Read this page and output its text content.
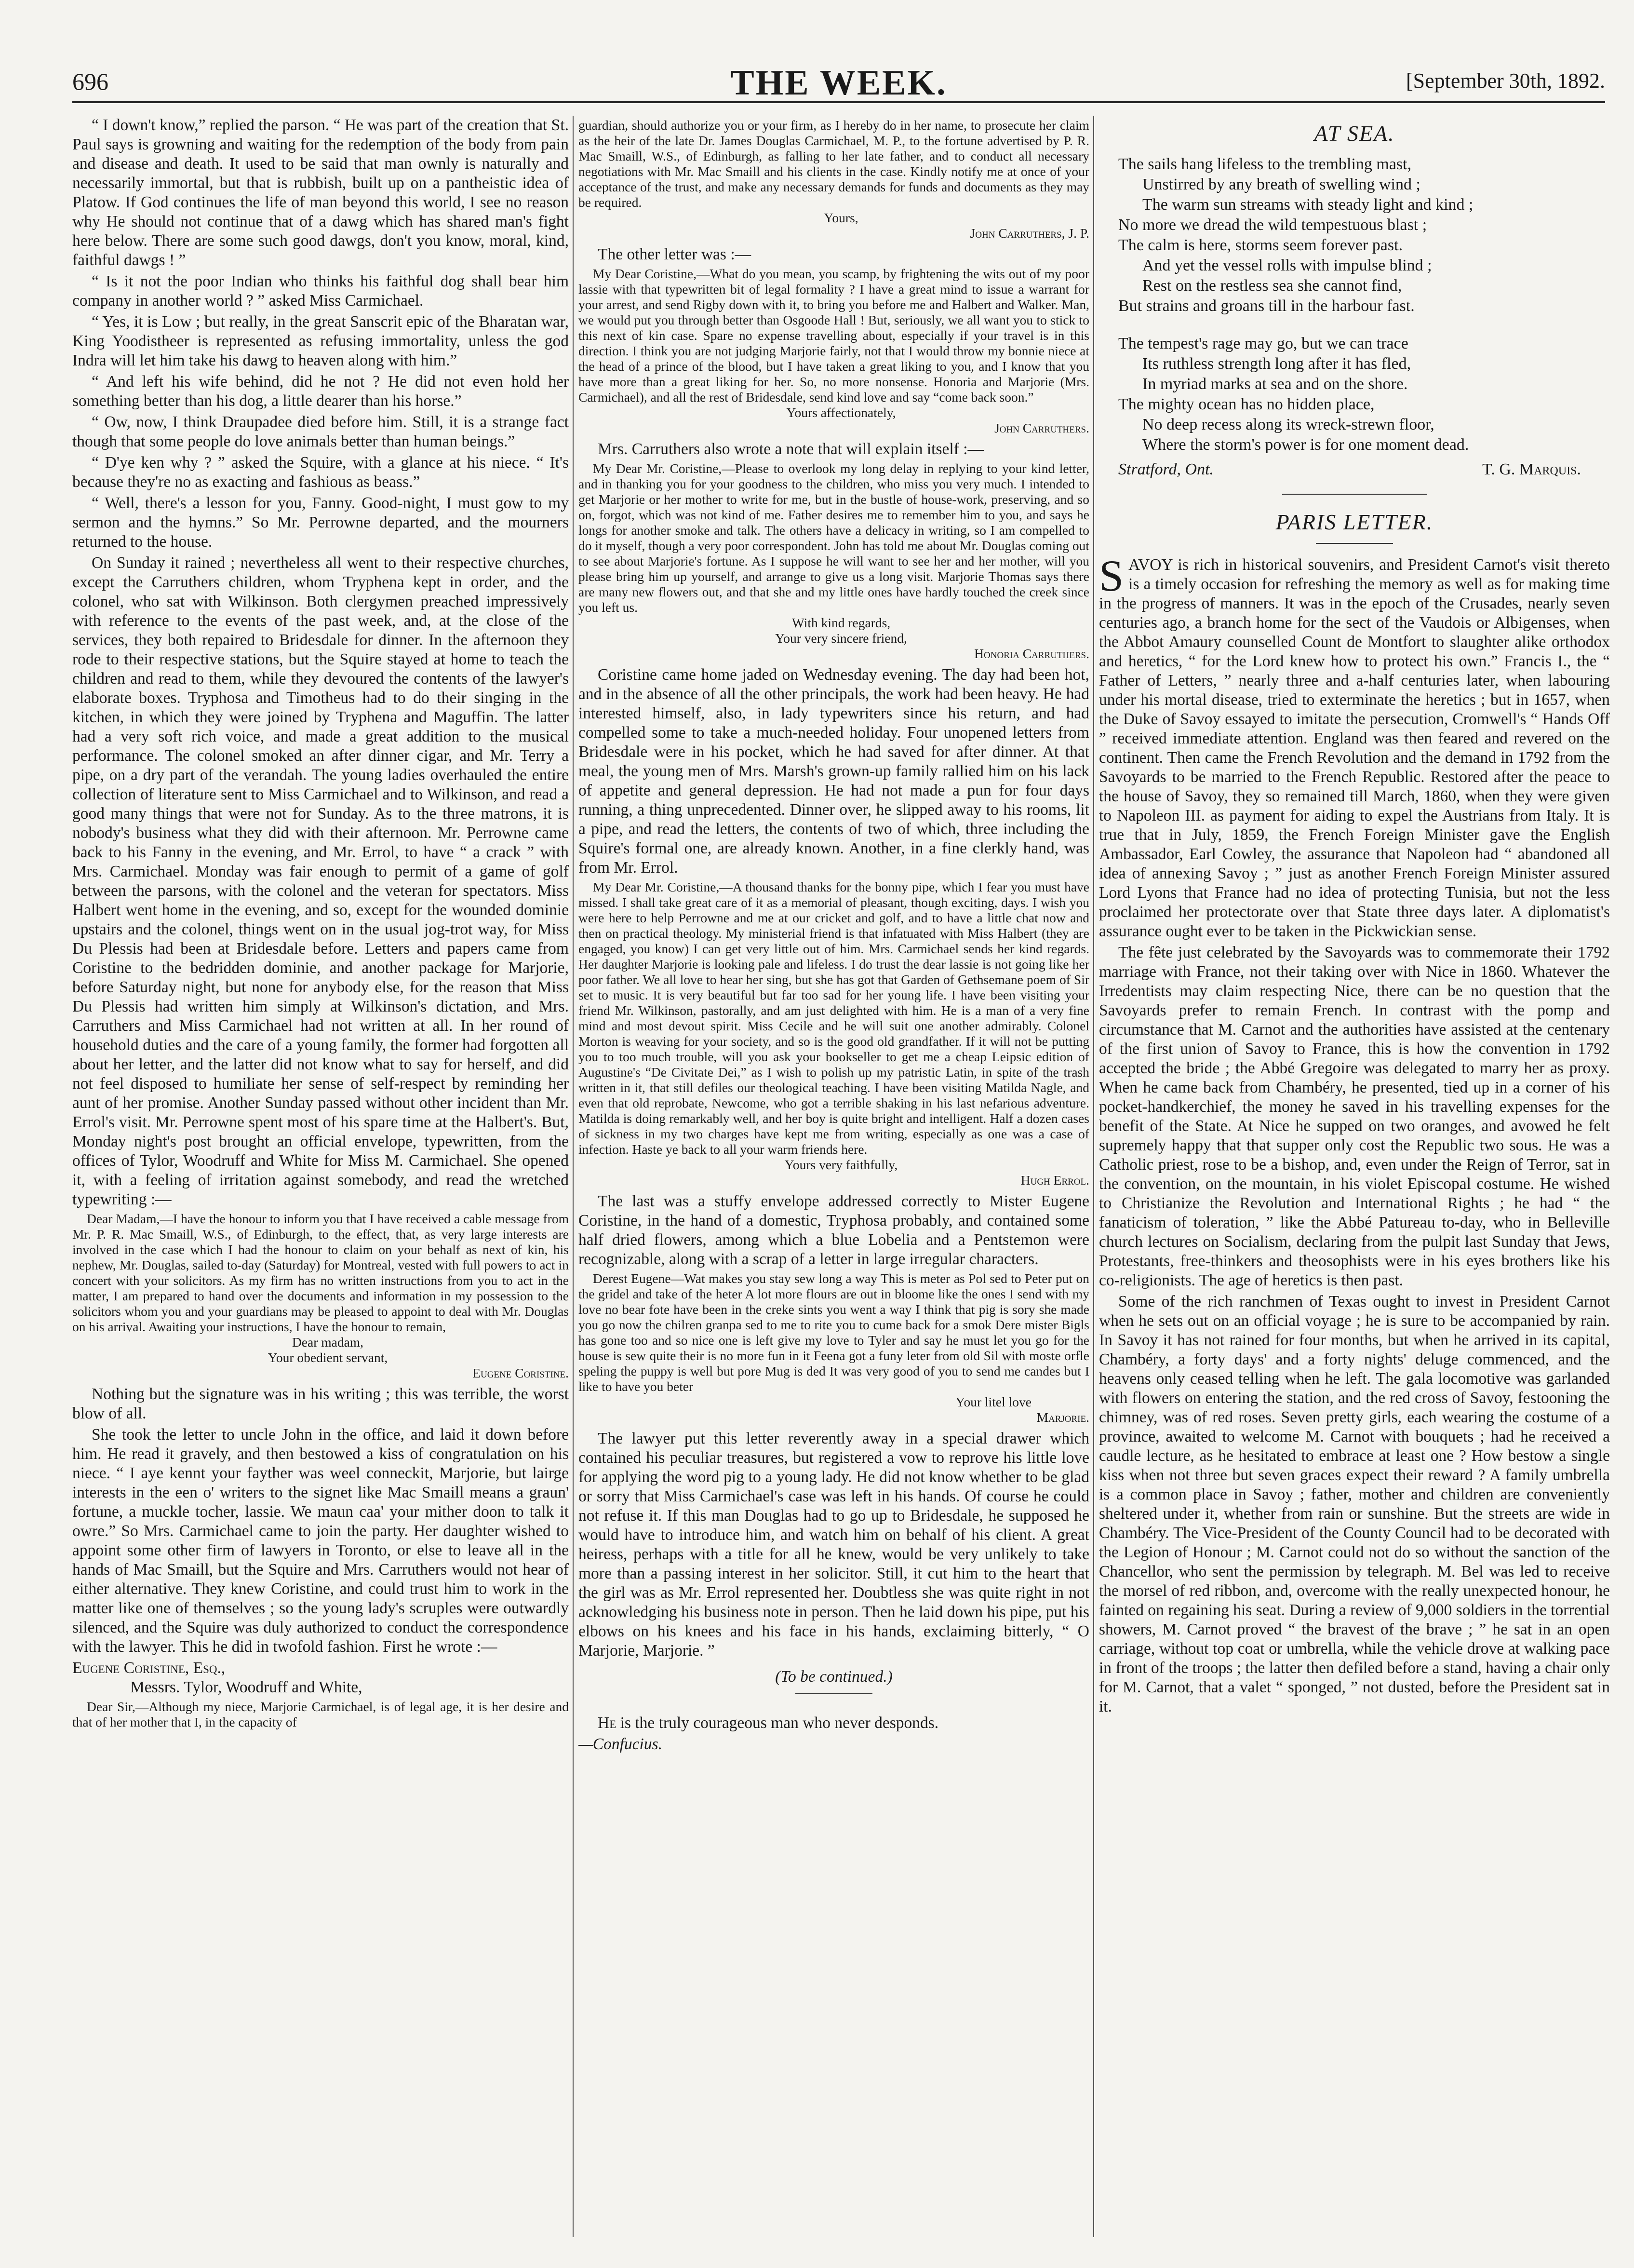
696	THE WEEK.	[September 30th, 1892.

“ I down't know,” replied the parson. “ He was part of the creation that St. Paul says is growning and waiting for the redemption of the body from pain and disease and death. It used to be said that man ownly is naturally and necessarily immortal, but that is rubbish, built up on a pantheistic idea of Platow. If God continues the life of man beyond this world, I see no reason why He should not continue that of a dawg which has shared man's fight here below. There are some such good dawgs, don't you know, moral, kind, faithful dawgs ! ”

“ Is it not the poor Indian who thinks his faithful dog shall bear him company in another world ? ” asked Miss Carmichael.

“ Yes, it is Low ; but really, in the great Sanscrit epic of the Bharatan war, King Yoodistheer is represented as refusing immortality, unless the god Indra will let him take his dawg to heaven along with him.”

“ And left his wife behind, did he not ? He did not even hold her something better than his dog, a little dearer than his horse.”

“ Ow, now, I think Draupadee died before him. Still, it is a strange fact though that some people do love animals better than human beings.”

“ D'ye ken why ? ” asked the Squire, with a glance at his niece. “ It's because they're no as exacting and fashious as beass.”

“ Well, there's a lesson for you, Fanny. Good-night, I must gow to my sermon and the hymns.” So Mr. Perrowne departed, and the mourners returned to the house.

On Sunday it rained ; nevertheless all went to their respective churches, except the Carruthers children, whom Tryphena kept in order, and the colonel, who sat with Wilkinson. Both clergymen preached impressively with reference to the events of the past week, and, at the close of the services, they both repaired to Bridesdale for dinner. In the afternoon they rode to their respective stations, but the Squire stayed at home to teach the children and read to them, while they devoured the contents of the lawyer's elaborate boxes. Tryphosa and Timotheus had to do their singing in the kitchen, in which they were joined by Tryphena and Maguffin. The latter had a very soft rich voice, and made a great addition to the musical performance. The colonel smoked an after dinner cigar, and Mr. Terry a pipe, on a dry part of the verandah. The young ladies overhauled the entire collection of literature sent to Miss Carmichael and to Wilkinson, and read a good many things that were not for Sunday. As to the three matrons, it is nobody's business what they did with their afternoon. Mr. Perrowne came back to his Fanny in the evening, and Mr. Errol, to have “ a crack ” with Mrs. Carmichael. Monday was fair enough to permit of a game of golf between the parsons, with the colonel and the veteran for spectators. Miss Halbert went home in the evening, and so, except for the wounded dominie upstairs and the colonel, things went on in the usual jog-trot way, for Miss Du Plessis had been at Bridesdale before. Letters and papers came from Coristine to the bedridden dominie, and another package for Marjorie, before Saturday night, but none for anybody else, for the reason that Miss Du Plessis had written him simply at Wilkinson's dictation, and Mrs. Carruthers and Miss Carmichael had not written at all. In her round of household duties and the care of a young family, the former had forgotten all about her letter, and the latter did not know what to say for herself, and did not feel disposed to humiliate her sense of self-respect by reminding her aunt of her promise. Another Sunday passed without other incident than Mr. Errol's visit. Mr. Perrowne spent most of his spare time at the Halbert's. But, Monday night's post brought an official envelope, typewritten, from the offices of Tylor, Woodruff and White for Miss M. Carmichael. She opened it, with a feeling of irritation against somebody, and read the wretched typewriting :—

Dear Madam,—I have the honour to inform you that I have received a cable message from Mr. P. R. Mac Smaill, W.S., of Edinburgh, to the effect, that, as very large interests are involved in the case which I had the honour to claim on your behalf as next of kin, his nephew, Mr. Douglas, sailed to-day (Saturday) for Montreal, vested with full powers to act in concert with your solicitors. As my firm has no written instructions from you to act in the matter, I am prepared to hand over the documents and information in my possession to the solicitors whom you and your guardians may be pleased to appoint to deal with Mr. Douglas on his arrival. Awaiting your instructions, I have the honour to remain,

Dear madam,

Your obedient servant,

Eugene Coristine.

Nothing but the signature was in his writing ; this was terrible, the worst blow of all.

She took the letter to uncle John in the office, and laid it down before him. He read it gravely, and then bestowed a kiss of congratulation on his niece. “ I aye kennt your fayther was weel conneckit, Marjorie, but lairge interests in the een o' writers to the signet like Mac Smaill means a graun' fortune, a muckle tocher, lassie. We maun caa' your mither doon to talk it owre.” So Mrs. Carmichael came to join the party. Her daughter wished to appoint some other firm of lawyers in Toronto, or else to leave all in the hands of Mac Smaill, but the Squire and Mrs. Carruthers would not hear of either alternative. They knew Coristine, and could trust him to work in the matter like one of themselves ; so the young lady's scruples were outwardly silenced, and the Squire was duly authorized to conduct the correspondence with the lawyer. This he did in twofold fashion. First he wrote :—

Eugene Coristine, Esq.,

Messrs. Tylor, Woodruff and White,

Dear Sir,—Although my niece, Marjorie Carmichael, is of legal age, it is her desire and that of her mother that I, in the capacity of

guardian, should authorize you or your firm, as I hereby do in her name, to prosecute her claim as the heir of the late Dr. James Douglas Carmichael, M. P., to the fortune advertised by P. R. Mac Smaill, W.S., of Edinburgh, as falling to her late father, and to conduct all necessary negotiations with Mr. Mac Smaill and his clients in the case. Kindly notify me at once of your acceptance of the trust, and make any necessary demands for funds and documents as they may be required.

Yours,

John Carruthers, J. P.

The other letter was :—

My Dear Coristine,—What do you mean, you scamp, by frightening the wits out of my poor lassie with that typewritten bit of legal formality ? I have a great mind to issue a warrant for your arrest, and send Rigby down with it, to bring you before me and Halbert and Walker. Man, we would put you through better than Osgoode Hall ! But, seriously, we all want you to stick to this next of kin case. Spare no expense travelling about, especially if your travel is in this direction. I think you are not judging Marjorie fairly, not that I would throw my bonnie niece at the head of a prince of the blood, but I have taken a great liking to you, and I know that you have more than a great liking for her. So, no more nonsense. Honoria and Marjorie (Mrs. Carmichael), and all the rest of Bridesdale, send kind love and say “come back soon.”

Yours affectionately,

John Carruthers.

Mrs. Carruthers also wrote a note that will explain itself :—

My Dear Mr. Coristine,—Please to overlook my long delay in replying to your kind letter, and in thanking you for your goodness to the children, who miss you very much. I intended to get Marjorie or her mother to write for me, but in the bustle of house-work, preserving, and so on, forgot, which was not kind of me. Father desires me to remember him to you, and says he longs for another smoke and talk. The others have a delicacy in writing, so I am compelled to do it myself, though a very poor correspondent. John has told me about Mr. Douglas coming out to see about Marjorie's fortune. As I suppose he will want to see her and her mother, will you please bring him up yourself, and arrange to give us a long visit. Marjorie Thomas says there are many new flowers out, and that she and my little ones have hardly touched the creek since you left us.

With kind regards,

Your very sincere friend,

Honoria Carruthers.

Coristine came home jaded on Wednesday evening. The day had been hot, and in the absence of all the other principals, the work had been heavy. He had interested himself, also, in lady typewriters since his return, and had compelled some to take a much-needed holiday. Four unopened letters from Bridesdale were in his pocket, which he had saved for after dinner. At that meal, the young men of Mrs. Marsh's grown-up family rallied him on his lack of appetite and general depression. He had not made a pun for four days running, a thing unprecedented. Dinner over, he slipped away to his rooms, lit a pipe, and read the letters, the contents of two of which, three including the Squire's formal one, are already known. Another, in a fine clerkly hand, was from Mr. Errol.

My Dear Mr. Coristine,—A thousand thanks for the bonny pipe, which I fear you must have missed. I shall take great care of it as a memorial of pleasant, though exciting, days. I wish you were here to help Perrowne and me at our cricket and golf, and to have a little chat now and then on practical theology. My ministerial friend is that infatuated with Miss Halbert (they are engaged, you know) I can get very little out of him. Mrs. Carmichael sends her kind regards. Her daughter Marjorie is looking pale and lifeless. I do trust the dear lassie is not going like her poor father. We all love to hear her sing, but she has got that Garden of Gethsemane poem of Sir set to music. It is very beautiful but far too sad for her young life. I have been visiting your friend Mr. Wilkinson, pastorally, and am just delighted with him. He is a man of a very fine mind and most devout spirit. Miss Cecile and he will suit one another admirably. Colonel Morton is weaving for your society, and so is the good old grandfather. If it will not be putting you to too much trouble, will you ask your bookseller to get me a cheap Leipsic edition of Augustine's “De Civitate Dei,” as I wish to polish up my patristic Latin, in spite of the trash written in it, that still defiles our theological teaching. I have been visiting Matilda Nagle, and even that old reprobate, Newcome, who got a terrible shaking in his last nefarious adventure. Matilda is doing remarkably well, and her boy is quite bright and intelligent. Half a dozen cases of sickness in my two charges have kept me from writing, especially as one was a case of infection. Haste ye back to all your warm friends here.

Yours very faithfully,

Hugh Errol.

The last was a stuffy envelope addressed correctly to Mister Eugene Coristine, in the hand of a domestic, Tryphosa probably, and contained some half dried flowers, among which a blue Lobelia and a Pentstemon were recognizable, along with a scrap of a letter in large irregular characters.

Derest Eugene—Wat makes you stay sew long a way This is meter as Pol sed to Peter put on the gridel and take of the heter A lot more flours are out in bloome like the ones I send with my love no bear fote have been in the creke sints you went a way I think that pig is sory she made you go now the chilren granpa sed to me to rite you to cume back for a smok Dere mister Bigls has gone too and so nice one is left give my love to Tyler and say he must let you go for the house is sew quite their is no more fun in it Feena got a funy leter from old Sil with moste orfle speling the puppy is well but pore Mug is ded It was very good of you to send me candes but I like to have you beter

Your litel love

Marjorie.

The lawyer put this letter reverently away in a special drawer which contained his peculiar treasures, but registered a vow to reprove his little love for applying the word pig to a young lady. He did not know whether to be glad or sorry that Miss Carmichael's case was left in his hands. Of course he could not refuse it. If this man Douglas had to go up to Bridesdale, he supposed he would have to introduce him, and watch him on behalf of his client. A great heiress, perhaps with a title for all he knew, would be very unlikely to take more than a passing interest in her solicitor. Still, it cut him to the heart that the girl was as Mr. Errol represented her. Doubtless she was quite right in not acknowledging his business note in person. Then he laid down his pipe, put his elbows on his knees and his face in his hands, exclaiming bitterly, “ O Marjorie, Marjorie. ”

(To be continued.)

He is the truly courageous man who never desponds.

—Confucius.

AT SEA.

The sails hang lifeless to the trembling mast,

Unstirred by any breath of swelling wind ;

The warm sun streams with steady light and kind ;

No more we dread the wild tempestuous blast ;

The calm is here, storms seem forever past.

And yet the vessel rolls with impulse blind ;

Rest on the restless sea she cannot find,

But strains and groans till in the harbour fast.

The tempest's rage may go, but we can trace

Its ruthless strength long after it has fled,

In myriad marks at sea and on the shore.

The mighty ocean has no hidden place,

No deep recess along its wreck-strewn floor,

Where the storm's power is for one moment dead.

Stratford, Ont.	T. G. Marquis.
PARIS LETTER.

SAVOY is rich in historical souvenirs, and President Carnot's visit thereto is a timely occasion for refreshing the memory as well as for making time in the progress of manners. It was in the epoch of the Crusades, nearly seven centuries ago, a branch home for the sect of the Vaudois or Albigenses, when the Abbot Amaury counselled Count de Montfort to slaughter alike orthodox and heretics, “ for the Lord knew how to protect his own.” Francis I., the “ Father of Letters, ” nearly three and a-half centuries later, when labouring under his mortal disease, tried to exterminate the heretics ; but in 1657, when the Duke of Savoy essayed to imitate the persecution, Cromwell's “ Hands Off ” received immediate attention. England was then feared and revered on the continent. Then came the French Revolution and the demand in 1792 from the Savoyards to be married to the French Republic. Restored after the peace to the house of Savoy, they so remained till March, 1860, when they were given to Napoleon III. as payment for aiding to expel the Austrians from Italy. It is true that in July, 1859, the French Foreign Minister gave the English Ambassador, Earl Cowley, the assurance that Napoleon had “ abandoned all idea of annexing Savoy ; ” just as another French Foreign Minister assured Lord Lyons that France had no idea of protecting Tunisia, but not the less proclaimed her protectorate over that State three days later. A diplomatist's assurance ought ever to be taken in the Pickwickian sense.

The fête just celebrated by the Savoyards was to commemorate their 1792 marriage with France, not their taking over with Nice in 1860. Whatever the Irredentists may claim respecting Nice, there can be no question that the Savoyards prefer to remain French. In contrast with the pomp and circumstance that M. Carnot and the authorities have assisted at the centenary of the first union of Savoy to France, this is how the convention in 1792 accepted the bride ; the Abbé Gregoire was delegated to marry her as proxy. When he came back from Chambéry, he presented, tied up in a corner of his pocket-handkerchief, the money he saved in his travelling expenses for the benefit of the State. At Nice he supped on two oranges, and avowed he felt supremely happy that that supper only cost the Republic two sous. He was a Catholic priest, rose to be a bishop, and, even under the Reign of Terror, sat in the convention, on the mountain, in his violet Episcopal costume. He wished to Christianize the Revolution and International Rights ; he had “ the fanaticism of toleration, ” like the Abbé Patureau to-day, who in Belleville church lectures on Socialism, declaring from the pulpit last Sunday that Jews, Protestants, free-thinkers and theosophists were in his eyes brothers like his co-religionists. The age of heretics is then past.

Some of the rich ranchmen of Texas ought to invest in President Carnot when he sets out on an official voyage ; he is sure to be accompanied by rain. In Savoy it has not rained for four months, but when he arrived in its capital, Chambéry, a forty days' and a forty nights' deluge commenced, and the heavens only ceased telling when he left. The gala locomotive was garlanded with flowers on entering the station, and the red cross of Savoy, festooning the chimney, was of red roses. Seven pretty girls, each wearing the costume of a province, awaited to welcome M. Carnot with bouquets ; had he received a caudle lecture, as he hesitated to embrace at least one ? How bestow a single kiss when not three but seven graces expect their reward ? A family umbrella is a common place in Savoy ; father, mother and children are conveniently sheltered under it, whether from rain or sunshine. But the streets are wide in Chambéry. The Vice-President of the County Council had to be decorated with the Legion of Honour ; M. Carnot could not do so without the sanction of the Chancellor, who sent the permission by telegraph. M. Bel was led to receive the morsel of red ribbon, and, overcome with the really unexpected honour, he fainted on regaining his seat. During a review of 9,000 soldiers in the torrential showers, M. Carnot proved “ the bravest of the brave ; ” he sat in an open carriage, without top coat or umbrella, while the vehicle drove at walking pace in front of the troops ; the latter then defiled before a stand, having a chair only for M. Carnot, that a valet “ sponged, ” not dusted, before the President sat in it.
